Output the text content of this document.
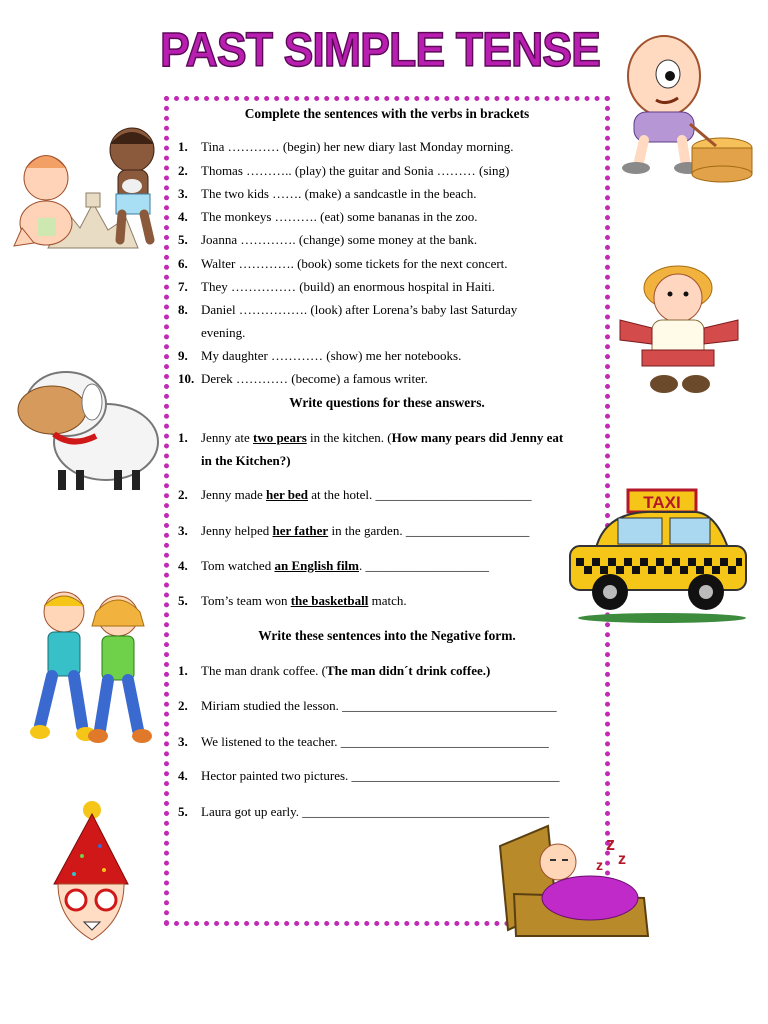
PAST SIMPLE TENSE
Complete the sentences with the verbs in brackets
1. Tina ………… (begin) her new diary last Monday morning.
2. Thomas ……….. (play) the guitar and Sonia ……… (sing)
3. The two kids ……. (make) a sandcastle in the beach.
4. The monkeys ………. (eat) some bananas in the zoo.
5. Joanna …………. (change) some money at the bank.
6. Walter …………. (book) some tickets for the next concert.
7. They …………… (build) an enormous hospital in Haiti.
8. Daniel ……………. (look) after Lorena’s baby last Saturday
evening.
9. My daughter ………… (show) me her notebooks.
10. Derek ………… (become) a famous writer.
Write questions for these answers.
1. Jenny ate two pears in the kitchen. (How many pears did Jenny eat
in the Kitchen?)
2. Jenny made her bed at the hotel. ________________________
3. Jenny helped her father in the garden. ___________________
4. Tom watched an English film. ___________________
5. Tom’s team won the basketball match.
Write these sentences into the Negative form.
1. The man drank coffee. (The man didn´t drink coffee.)
2. Miriam studied the lesson. _________________________________
3. We listened to the teacher. ________________________________
4. Hector painted two pictures. ________________________________
5. Laura got up early. ______________________________________
TAXI
z
z
z
